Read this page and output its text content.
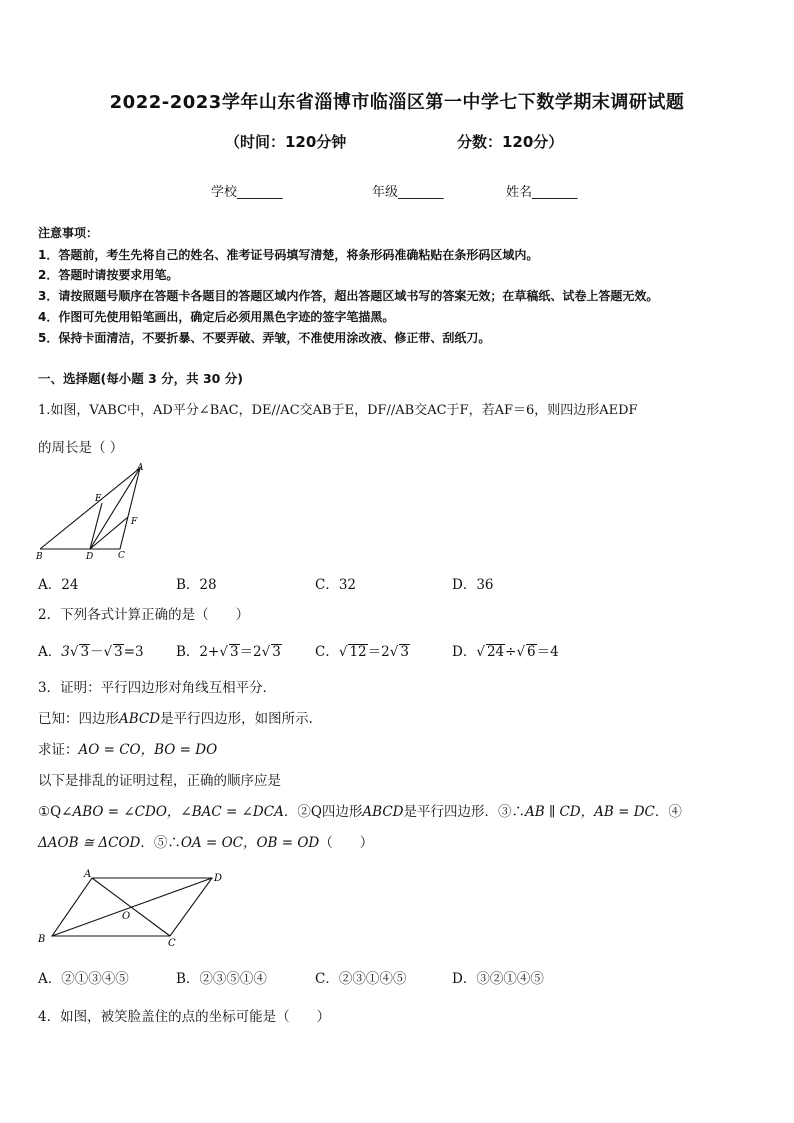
2022-2023学年山东省淄博市临淄区第一中学七下数学期末调研试题
（时间：120分钟	分数：120分）
学校_______	年级_______	姓名_______
注意事项：
1．答题前，考生先将自己的姓名、准考证号码填写清楚，将条形码准确粘贴在条形码区域内。
2．答题时请按要求用笔。
3．请按照题号顺序在答题卡各题目的答题区域内作答，超出答题区域书写的答案无效；在草稿纸、试卷上答题无效。
4．作图可先使用铅笔画出，确定后必须用黑色字迹的签字笔描黑。
5．保持卡面清洁，不要折暴、不要弄破、弄皱，不准使用涂改液、修正带、刮纸刀。
一、选择题(每小题 3 分，共 30 分)
1.如图，VABC中，AD平分∠BAC，DE//AC交AB于E，DF//AB交AC于F，若AF＝6，则四边形AEDF
的周长是（ ）
A
E
F
B	D	C
A．24	B．28	C．32	D．36
2．下列各式计算正确的是（　　）
A．3√ 3－√ 3=3 B．2+√ 3＝2√ 3	C．√ 12＝2√ 3	D．√ 24÷√ 6＝4
3．证明：平行四边形对角线互相平分．
已知：四边形ABCD是平行四边形，如图所示．
求证：AO = CO，BO = DO
以下是排乱的证明过程，正确的顺序应是
①Q∠ABO = ∠CDO，∠BAC = ∠DCA．②Q四边形ABCD是平行四边形．③∴AB ∥ CD，AB = DC．④
ΔAOB ≅ ΔCOD．⑤∴OA = OC，OB = OD（　　）
A	D
B	C
O
A．②①③④⑤	B．②③⑤①④	C．②③①④⑤	D．③②①④⑤
4．如图，被笑脸盖住的点的坐标可能是（　　）
